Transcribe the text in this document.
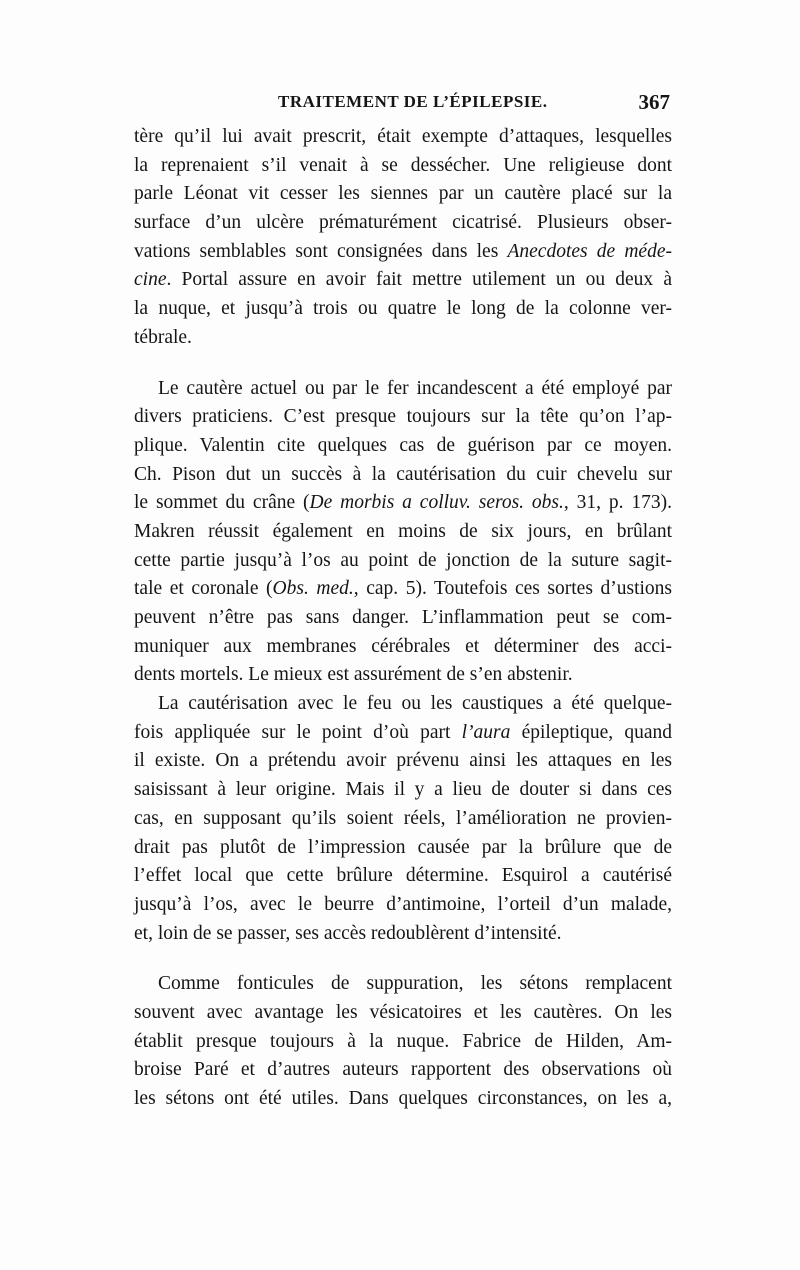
TRAITEMENT DE L’ÉPILEPSIE.	367
tère qu’il lui avait prescrit, était exempte d’attaques, lesquelles
la reprenaient s’il venait à se dessécher. Une religieuse dont
parle Léonat vit cesser les siennes par un cautère placé sur la
surface d’un ulcère prématurément cicatrisé. Plusieurs obser-
vations semblables sont consignées dans les Anecdotes de méde-
cine. Portal assure en avoir fait mettre utilement un ou deux à
la nuque, et jusqu’à trois ou quatre le long de la colonne ver-
tébrale.
Le cautère actuel ou par le fer incandescent a été employé par
divers praticiens. C’est presque toujours sur la tête qu’on l’ap-
plique. Valentin cite quelques cas de guérison par ce moyen.
Ch. Pison dut un succès à la cautérisation du cuir chevelu sur
le sommet du crâne (De morbis a colluv. seros. obs., 31, p. 173).
Makren réussit également en moins de six jours, en brûlant
cette partie jusqu’à l’os au point de jonction de la suture sagit-
tale et coronale (Obs. med., cap. 5). Toutefois ces sortes d’ustions
peuvent n’être pas sans danger. L’inflammation peut se com-
muniquer aux membranes cérébrales et déterminer des acci-
dents mortels. Le mieux est assurément de s’en abstenir.
La cautérisation avec le feu ou les caustiques a été quelque-
fois appliquée sur le point d’où part l’aura épileptique, quand
il existe. On a prétendu avoir prévenu ainsi les attaques en les
saisissant à leur origine. Mais il y a lieu de douter si dans ces
cas, en supposant qu’ils soient réels, l’amélioration ne provien-
drait pas plutôt de l’impression causée par la brûlure que de
l’effet local que cette brûlure détermine. Esquirol a cautérisé
jusqu’à l’os, avec le beurre d’antimoine, l’orteil d’un malade,
et, loin de se passer, ses accès redoublèrent d’intensité.
Comme fonticules de suppuration, les sétons remplacent
souvent avec avantage les vésicatoires et les cautères. On les
établit presque toujours à la nuque. Fabrice de Hilden, Am-
broise Paré et d’autres auteurs rapportent des observations où
les sétons ont été utiles. Dans quelques circonstances, on les a,
